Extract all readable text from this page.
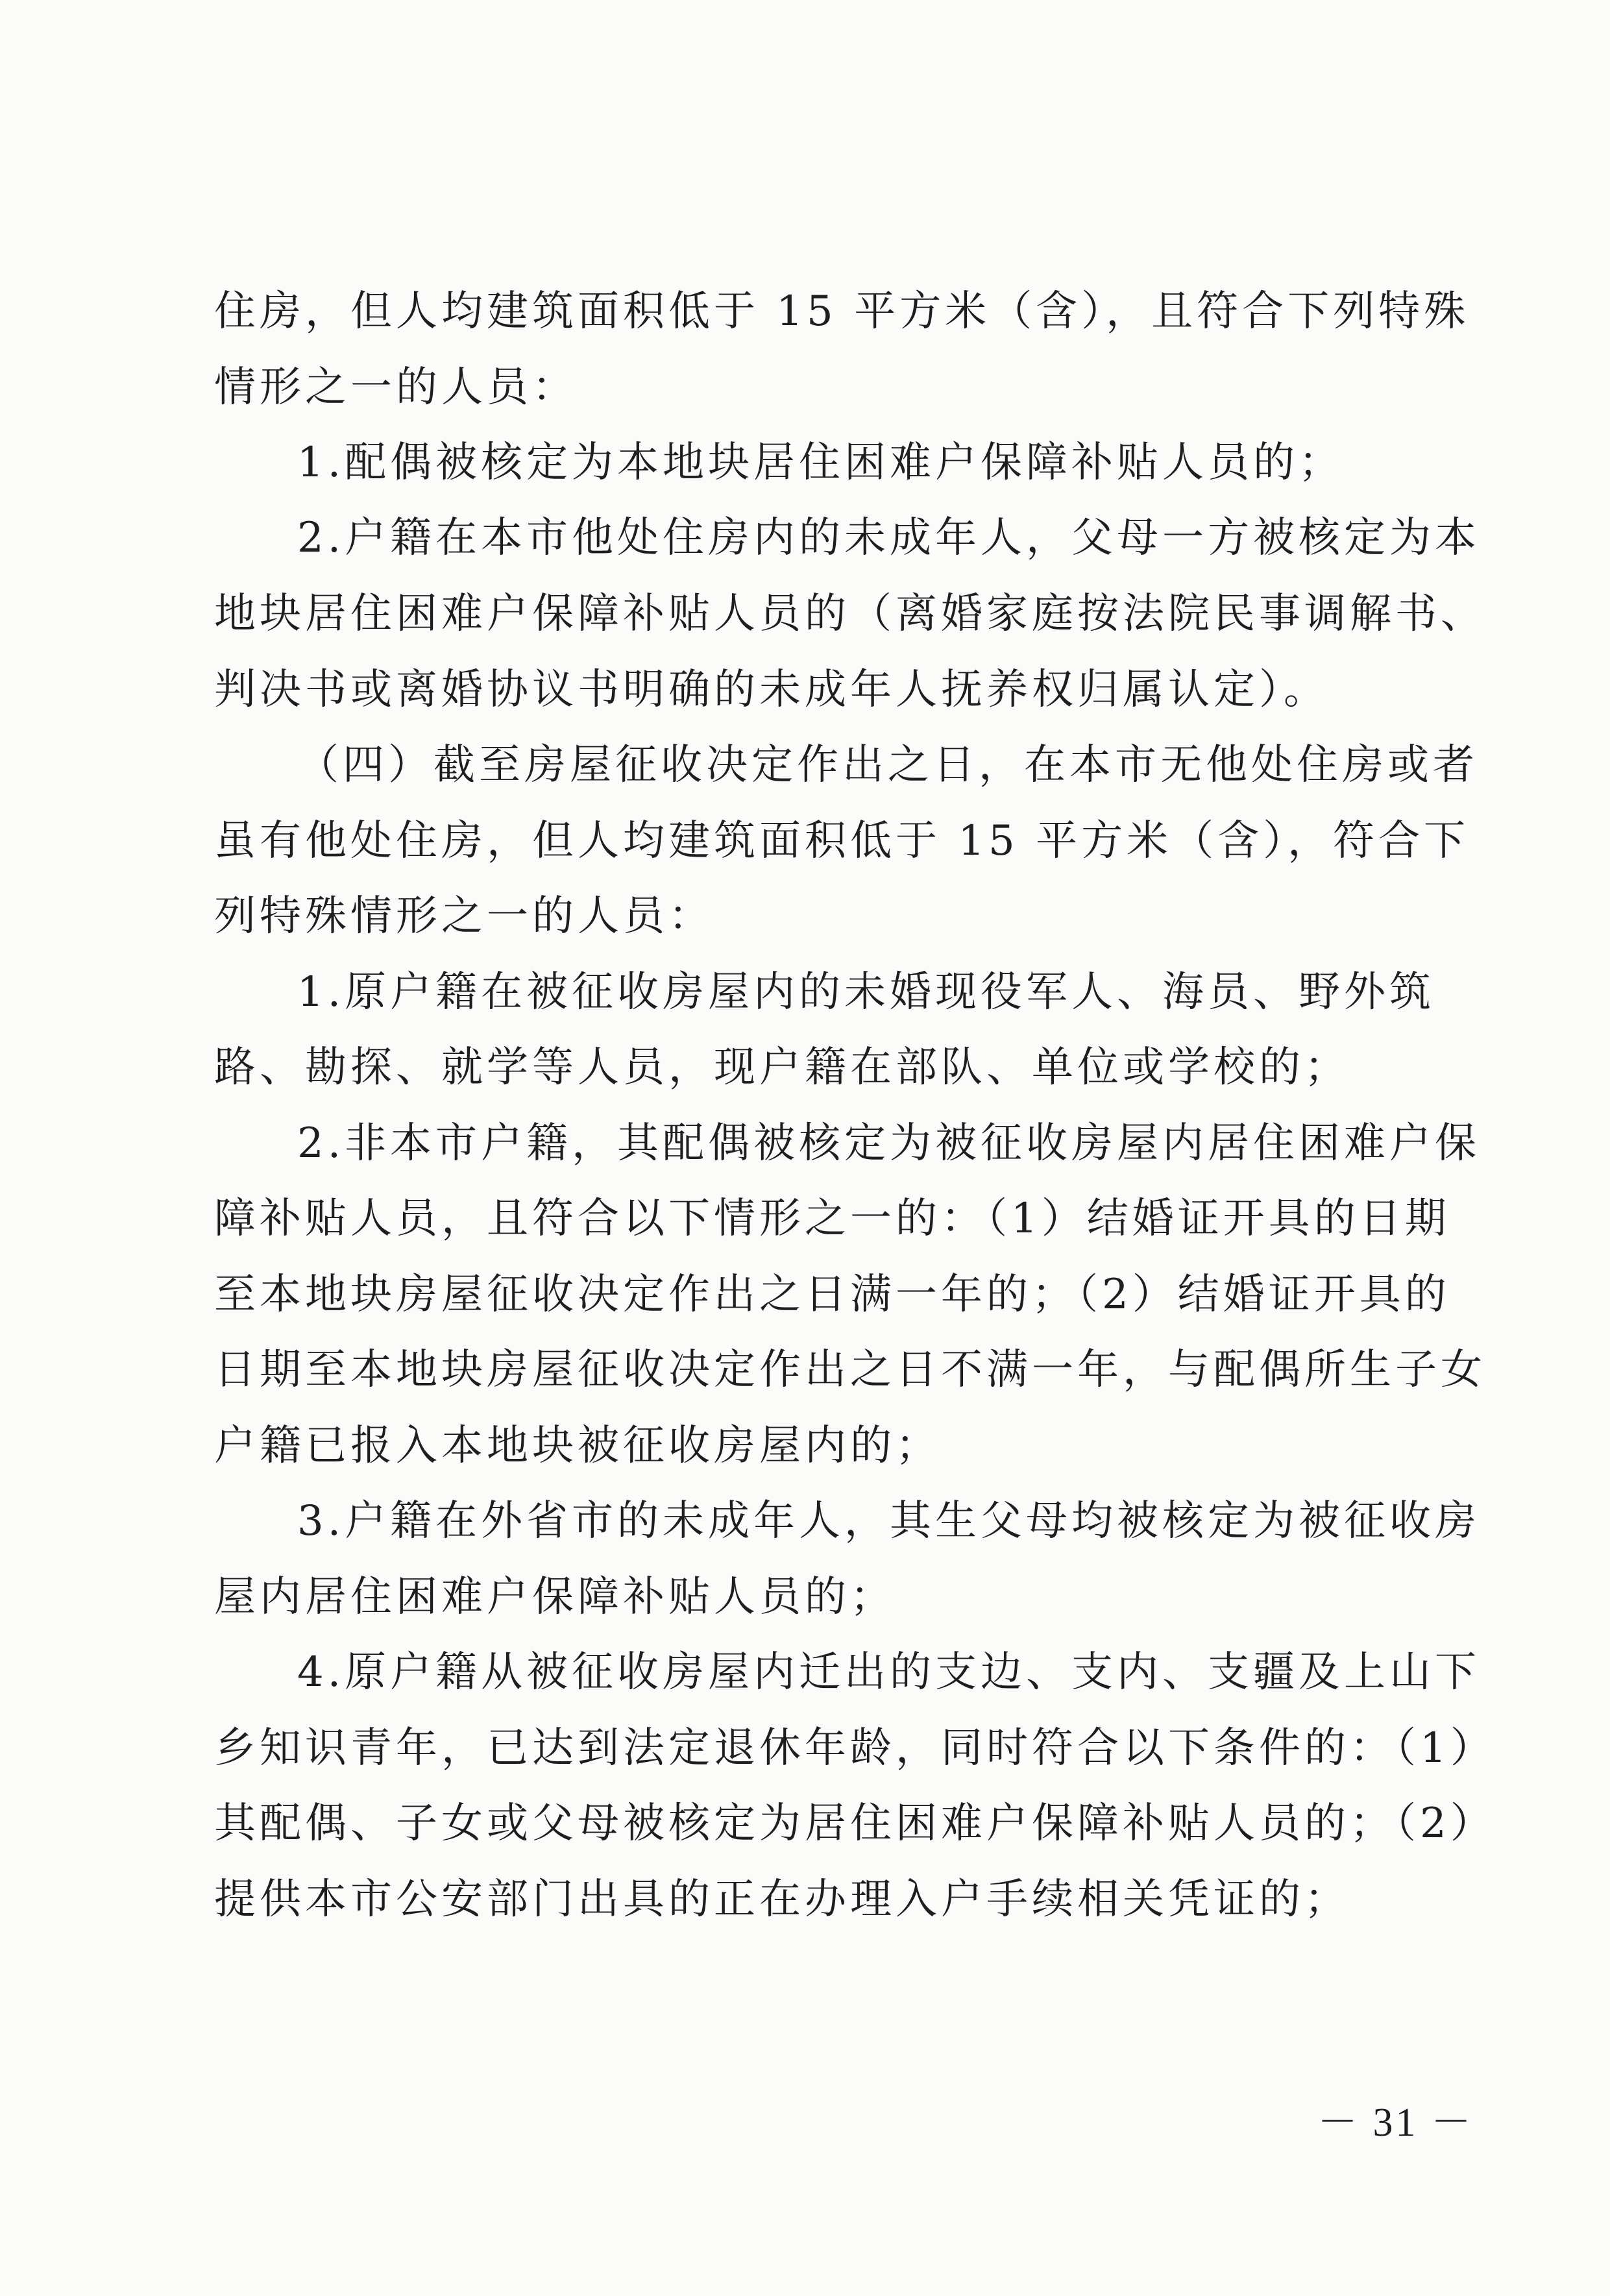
住房，但人均建筑面积低于 15 平方米（含），且符合下列特殊
情形之一的人员：
1.配偶被核定为本地块居住困难户保障补贴人员的；
2.户籍在本市他处住房内的未成年人，父母一方被核定为本
地块居住困难户保障补贴人员的（离婚家庭按法院民事调解书、
判决书或离婚协议书明确的未成年人抚养权归属认定）。
（四）截至房屋征收决定作出之日，在本市无他处住房或者
虽有他处住房，但人均建筑面积低于 15 平方米（含），符合下
列特殊情形之一的人员：
1.原户籍在被征收房屋内的未婚现役军人、海员、野外筑
路、勘探、就学等人员，现户籍在部队、单位或学校的；
2.非本市户籍，其配偶被核定为被征收房屋内居住困难户保
障补贴人员，且符合以下情形之一的：（1）结婚证开具的日期
至本地块房屋征收决定作出之日满一年的；（2）结婚证开具的
日期至本地块房屋征收决定作出之日不满一年，与配偶所生子女
户籍已报入本地块被征收房屋内的；
3.户籍在外省市的未成年人，其生父母均被核定为被征收房
屋内居住困难户保障补贴人员的；
4.原户籍从被征收房屋内迁出的支边、支内、支疆及上山下
乡知识青年，已达到法定退休年龄，同时符合以下条件的：（1）
其配偶、子女或父母被核定为居住困难户保障补贴人员的；（2）
提供本市公安部门出具的正在办理入户手续相关凭证的；
－ 31 －
